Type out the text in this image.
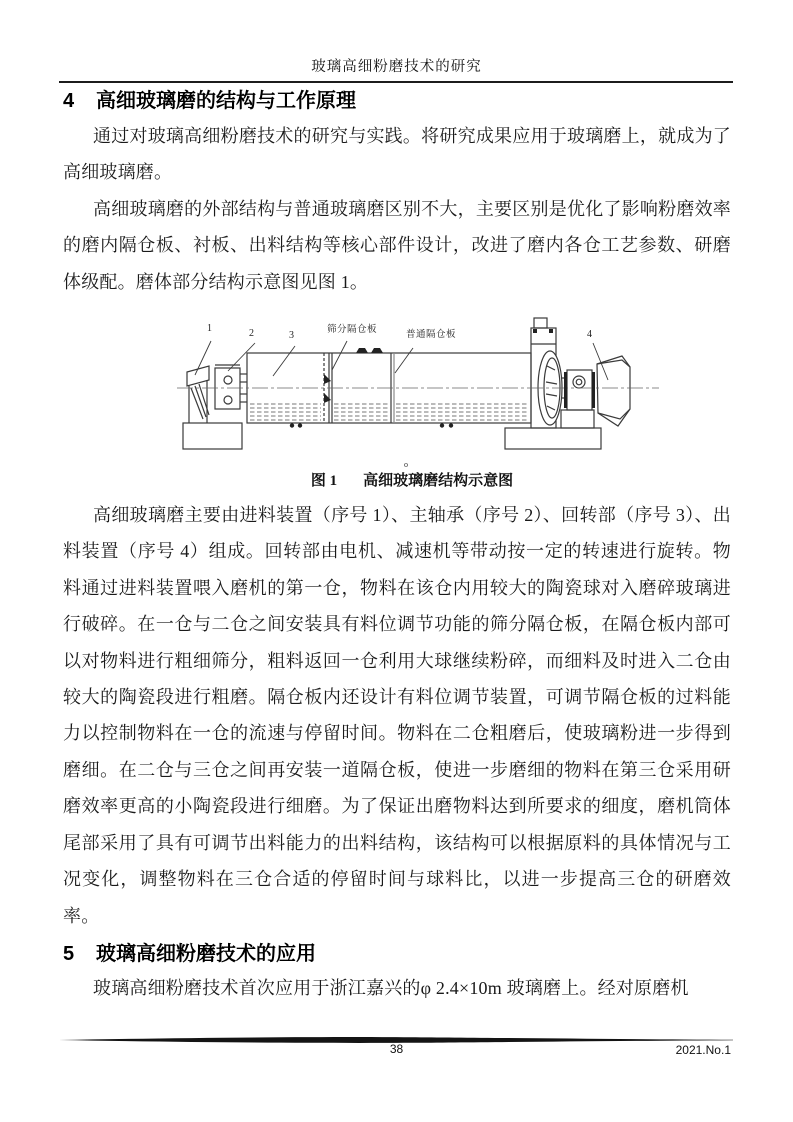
玻璃高细粉磨技术的研究
4 高细玻璃磨的结构与工作原理

通过对玻璃高细粉磨技术的研究与实践。将研究成果应用于玻璃磨上，就成为了高细玻璃磨。

高细玻璃磨的外部结构与普通玻璃磨区别不大，主要区别是优化了影响粉磨效率的磨内隔仓板、衬板、出料结构等核心部件设计，改进了磨内各仓工艺参数、研磨体级配。磨体部分结构示意图见图 1。

1	2	3	4
筛分隔仓板	普通隔仓板
o
图 1 高细玻璃磨结构示意图

高细玻璃磨主要由进料装置（序号 1）、主轴承（序号 2）、回转部（序号 3）、出料装置（序号 4）组成。回转部由电机、减速机等带动按一定的转速进行旋转。物料通过进料装置喂入磨机的第一仓，物料在该仓内用较大的陶瓷球对入磨碎玻璃进行破碎。在一仓与二仓之间安装具有料位调节功能的筛分隔仓板，在隔仓板内部可以对物料进行粗细筛分，粗料返回一仓利用大球继续粉碎，而细料及时进入二仓由较大的陶瓷段进行粗磨。隔仓板内还设计有料位调节装置，可调节隔仓板的过料能力以控制物料在一仓的流速与停留时间。物料在二仓粗磨后，使玻璃粉进一步得到磨细。在二仓与三仓之间再安装一道隔仓板，使进一步磨细的物料在第三仓采用研磨效率更高的小陶瓷段进行细磨。为了保证出磨物料达到所要求的细度，磨机筒体尾部采用了具有可调节出料能力的出料结构，该结构可以根据原料的具体情况与工况变化，调整物料在三仓合适的停留时间与球料比，以进一步提高三仓的研磨效率。

5 玻璃高细粉磨技术的应用

玻璃高细粉磨技术首次应用于浙江嘉兴的φ 2.4×10m 玻璃磨上。经对原磨机

38	2021.No.1
